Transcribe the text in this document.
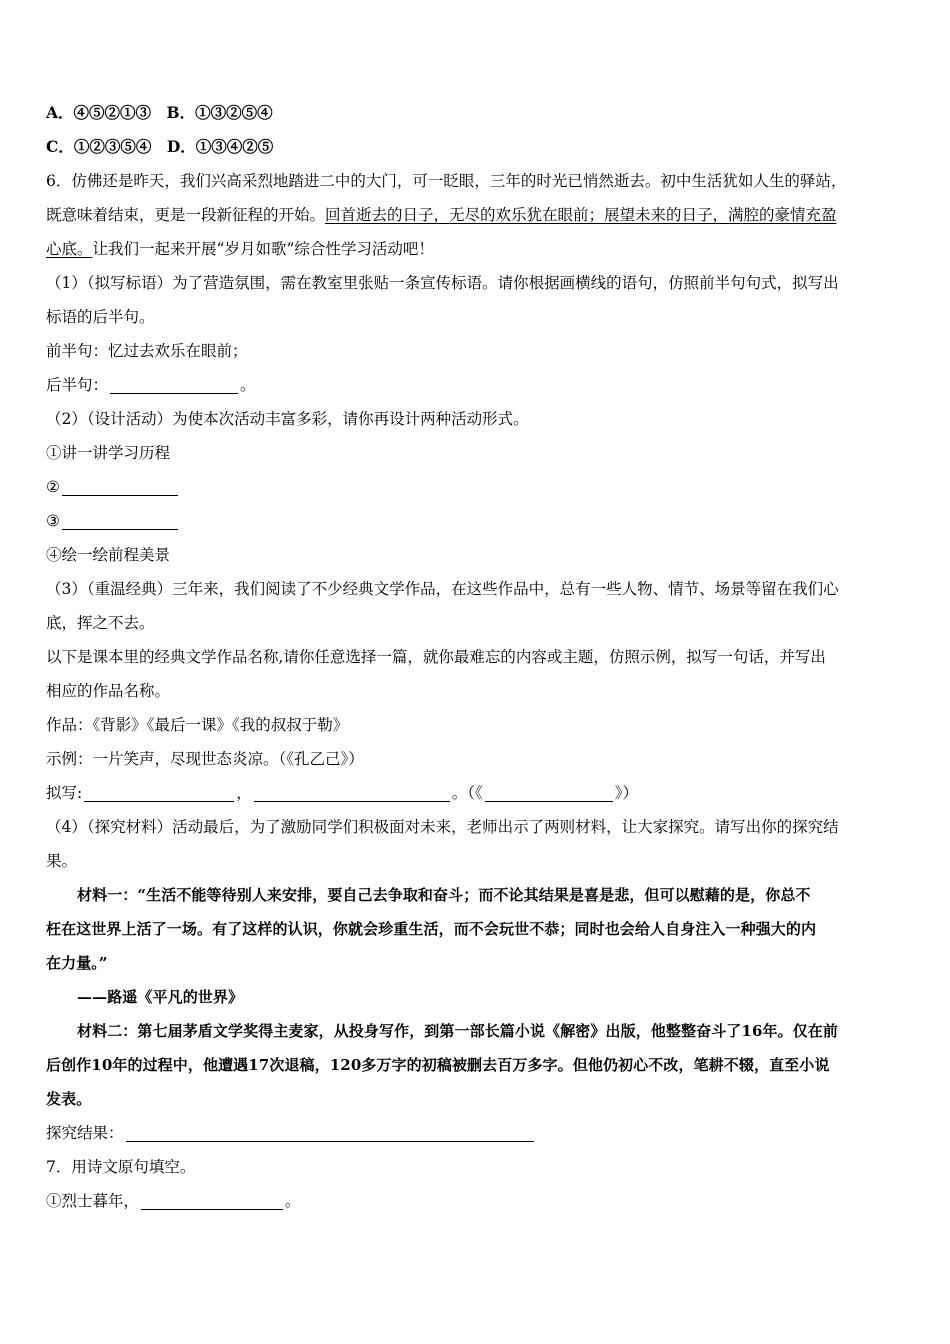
A．④⑤②①③　B．①③②⑤④
C．①②③⑤④　D．①③④②⑤
6．仿佛还是昨天，我们兴高采烈地踏进二中的大门，可一眨眼，三年的时光已悄然逝去。初中生活犹如人生的驿站，
既意味着结束，更是一段新征程的开始。回首逝去的日子，无尽的欢乐犹在眼前；展望未来的日子，满腔的豪情充盈
心底。让我们一起来开展“岁月如歌”综合性学习活动吧！
（1）（拟写标语）为了营造氛围，需在教室里张贴一条宣传标语。请你根据画横线的语句，仿照前半句句式，拟写出
标语的后半句。
前半句：忆过去欢乐在眼前；
后半句：	。
（2）（设计活动）为使本次活动丰富多彩，请你再设计两种活动形式。
①讲一讲学习历程
②
③
④绘一绘前程美景
（3）（重温经典）三年来，我们阅读了不少经典文学作品，在这些作品中，总有一些人物、情节、场景等留在我们心
底，挥之不去。
以下是课本里的经典文学作品名称,请你任意选择一篇，就你最难忘的内容或主题，仿照示例，拟写一句话，并写出
相应的作品名称。
作品：《背影》《最后一课》《我的叔叔于勒》
示例：一片笑声，尽现世态炎凉。（《孔乙己》）
拟写:	，	。（《	》）
（4）（探究材料）活动最后，为了激励同学们积极面对未来，老师出示了两则材料，让大家探究。请写出你的探究结
果。
材料一：“生活不能等待别人来安排，要自己去争取和奋斗；而不论其结果是喜是悲，但可以慰藉的是，你总不
枉在这世界上活了一场。有了这样的认识，你就会珍重生活，而不会玩世不恭；同时也会给人自身注入一种强大的内
在力量。”
——路遥《平凡的世界》
材料二：第七届茅盾文学奖得主麦家，从投身写作，到第一部长篇小说《解密》出版，他整整奋斗了16年。仅在前
后创作10年的过程中，他遭遇17次退稿，120多万字的初稿被删去百万多字。但他仍初心不改，笔耕不辍，直至小说
发表。
探究结果：
7．用诗文原句填空。
①烈士暮年，	。
